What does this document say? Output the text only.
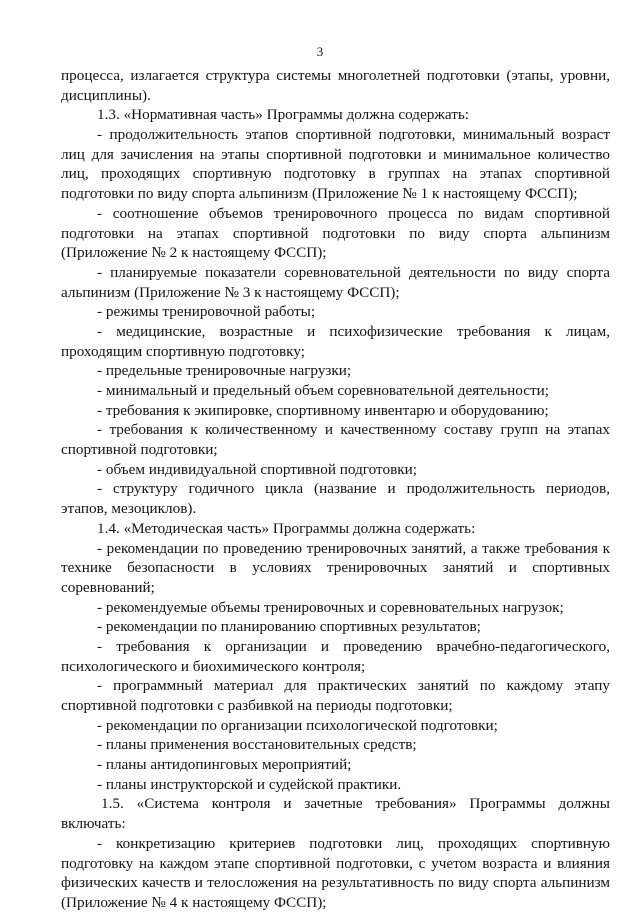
3
процесса, излагается структура системы многолетней подготовки (этапы, уровни,
дисциплины).
1.3. «Нормативная часть» Программы должна содержать:
- продолжительность этапов спортивной подготовки, минимальный возраст
лиц для зачисления на этапы спортивной подготовки и минимальное количество
лиц, проходящих спортивную подготовку в группах на этапах спортивной
подготовки по виду спорта альпинизм (Приложение № 1 к настоящему ФССП);
- соотношение объемов тренировочного процесса по видам спортивной
подготовки на этапах спортивной подготовки по виду спорта альпинизм
(Приложение № 2 к настоящему ФССП);
- планируемые показатели соревновательной деятельности по виду спорта
альпинизм (Приложение № 3 к настоящему ФССП);
- режимы тренировочной работы;
- медицинские, возрастные и психофизические требования к лицам,
проходящим спортивную подготовку;
- предельные тренировочные нагрузки;
- минимальный и предельный объем соревновательной деятельности;
- требования к экипировке, спортивному инвентарю и оборудованию;
- требования к количественному и качественному составу групп на этапах
спортивной подготовки;
- объем индивидуальной спортивной подготовки;
- структуру годичного цикла (название и продолжительность периодов,
этапов, мезоциклов).
1.4. «Методическая часть» Программы должна содержать:
- рекомендации по проведению тренировочных занятий, а также требования к
технике безопасности в условиях тренировочных занятий и спортивных
соревнований;
- рекомендуемые объемы тренировочных и соревновательных нагрузок;
- рекомендации по планированию спортивных результатов;
- требования к организации и проведению врачебно-педагогического,
психологического и биохимического контроля;
- программный материал для практических занятий по каждому этапу
спортивной подготовки с разбивкой на периоды подготовки;
- рекомендации по организации психологической подготовки;
- планы применения восстановительных средств;
- планы антидопинговых мероприятий;
- планы инструкторской и судейской практики.
1.5. «Система контроля и зачетные требования» Программы должны
включать:
- конкретизацию критериев подготовки лиц, проходящих спортивную
подготовку на каждом этапе спортивной подготовки, с учетом возраста и влияния
физических качеств и телосложения на результативность по виду спорта альпинизм
(Приложение № 4 к настоящему ФССП);
